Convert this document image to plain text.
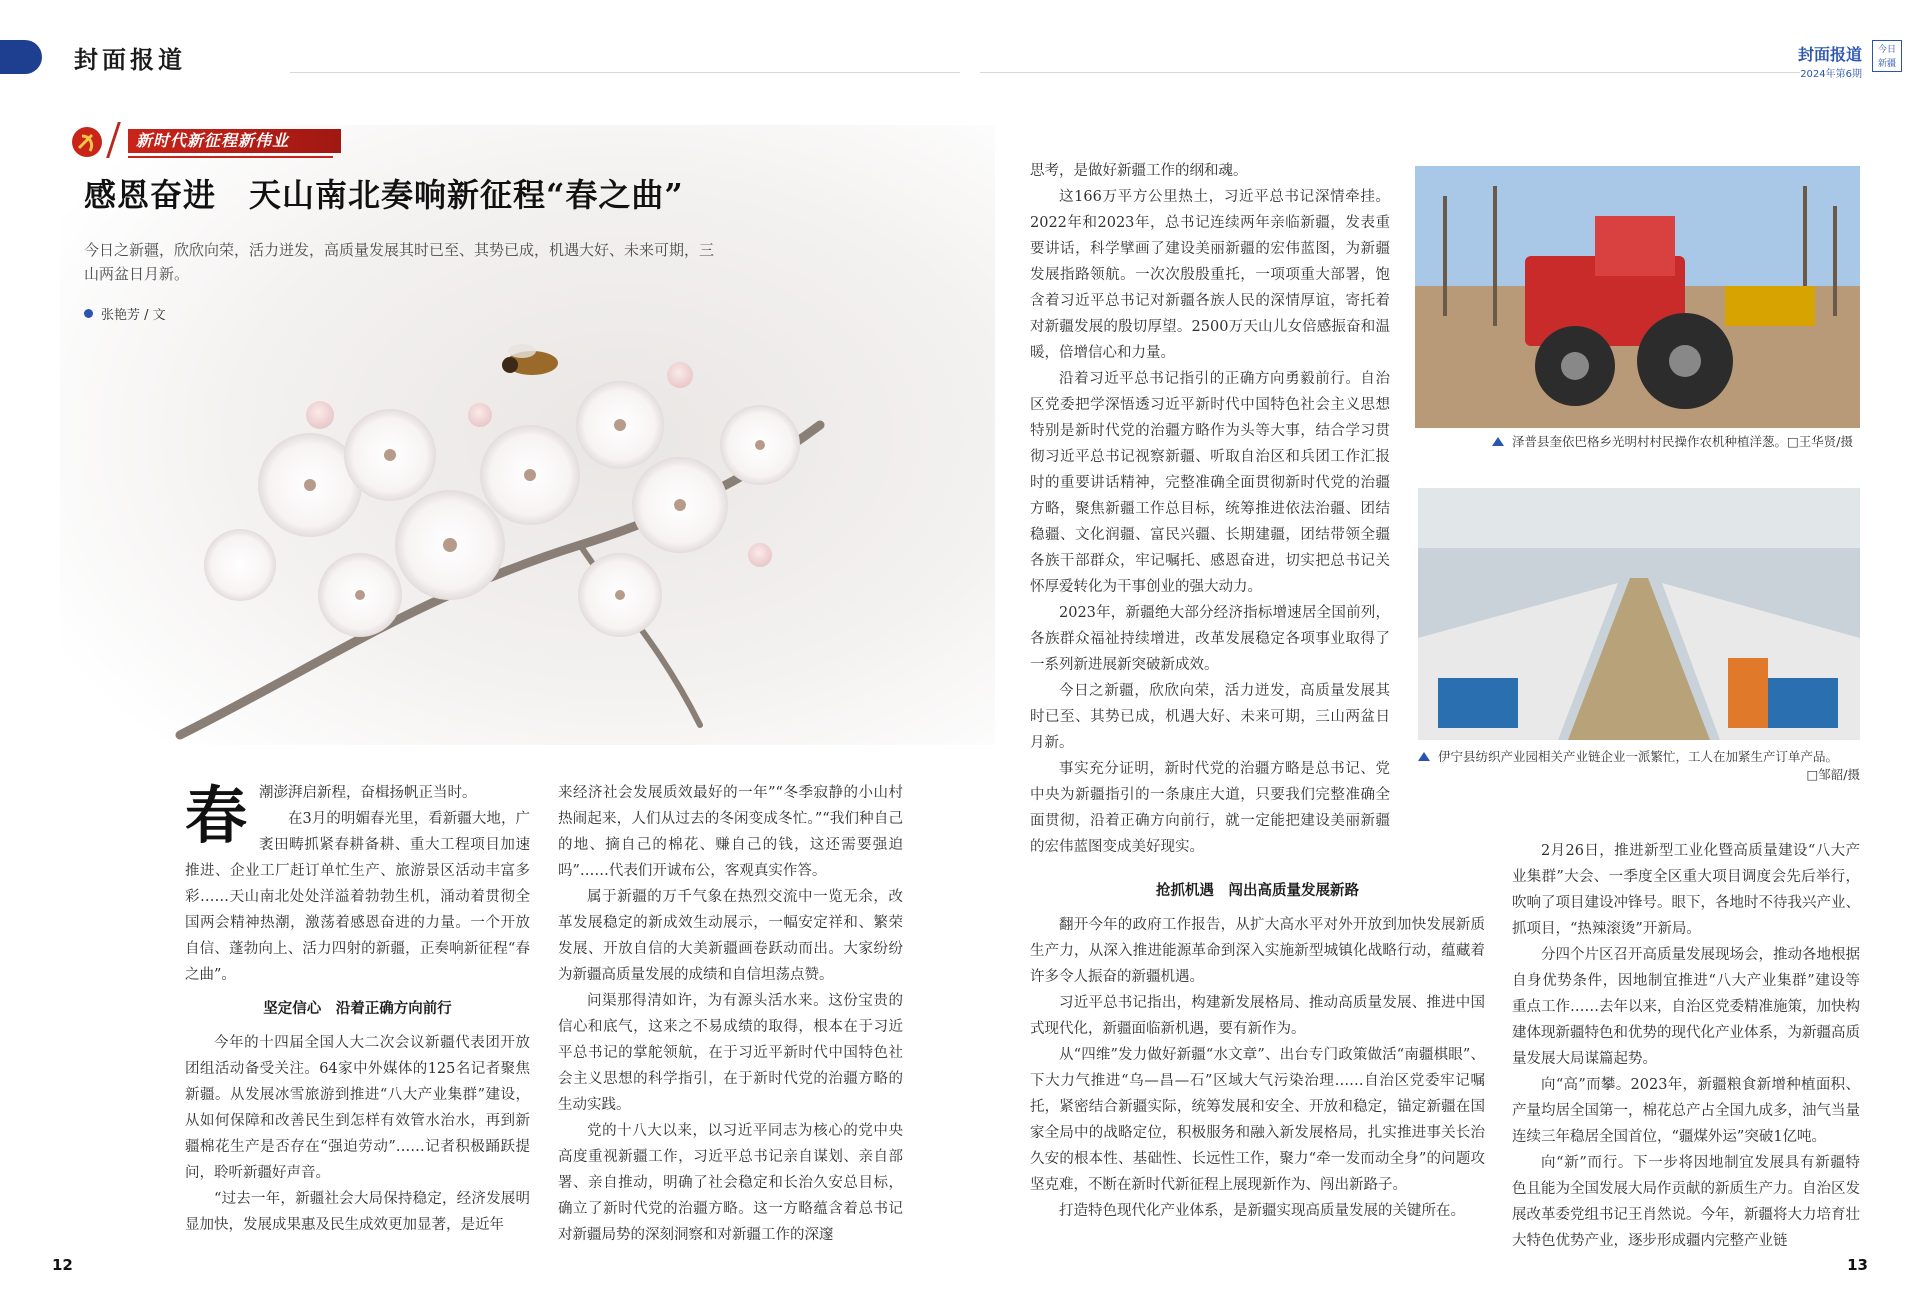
封面报道	封面报道
2024年第6期
今日
新疆
新时代新征程新伟业
感恩奋进　天山南北奏响新征程“春之曲”
今日之新疆，欣欣向荣，活力迸发，高质量发展其时已至、其势已成，机遇大好、未来可期，三山两盆日月新。
张艳芳 / 文
春 潮澎湃启新程，奋楫扬帆正当时。

在3月的明媚春光里，看新疆大地，广袤田畴抓紧春耕备耕、重大工程项目加速推进、企业工厂赶订单忙生产、旅游景区活动丰富多彩……天山南北处处洋溢着勃勃生机，涌动着贯彻全国两会精神热潮，激荡着感恩奋进的力量。一个开放自信、蓬勃向上、活力四射的新疆，正奏响新征程“春之曲”。

坚定信心　沿着正确方向前行

今年的十四届全国人大二次会议新疆代表团开放团组活动备受关注。64家中外媒体的125名记者聚焦新疆。从发展冰雪旅游到推进“八大产业集群”建设，从如何保障和改善民生到怎样有效管水治水，再到新疆棉花生产是否存在“强迫劳动”……记者积极踊跃提问，聆听新疆好声音。

“过去一年，新疆社会大局保持稳定，经济发展明显加快，发展成果惠及民生成效更加显著，是近年

来经济社会发展质效最好的一年”“冬季寂静的小山村热闹起来，人们从过去的冬闲变成冬忙。”“我们种自己的地、摘自己的棉花、赚自己的钱，这还需要强迫吗”……代表们开诚布公，客观真实作答。

属于新疆的万千气象在热烈交流中一览无余，改革发展稳定的新成效生动展示，一幅安定祥和、繁荣发展、开放自信的大美新疆画卷跃动而出。大家纷纷为新疆高质量发展的成绩和自信坦荡点赞。

问渠那得清如许，为有源头活水来。这份宝贵的信心和底气，这来之不易成绩的取得，根本在于习近平总书记的掌舵领航，在于习近平新时代中国特色社会主义思想的科学指引，在于新时代党的治疆方略的生动实践。

党的十八大以来，以习近平同志为核心的党中央高度重视新疆工作，习近平总书记亲自谋划、亲自部署、亲自推动，明确了社会稳定和长治久安总目标，确立了新时代党的治疆方略。这一方略蕴含着总书记对新疆局势的深刻洞察和对新疆工作的深邃

思考，是做好新疆工作的纲和魂。

这166万平方公里热土，习近平总书记深情牵挂。2022年和2023年，总书记连续两年亲临新疆，发表重要讲话，科学擘画了建设美丽新疆的宏伟蓝图，为新疆发展指路领航。一次次殷殷重托，一项项重大部署，饱含着习近平总书记对新疆各族人民的深情厚谊，寄托着对新疆发展的殷切厚望。2500万天山儿女倍感振奋和温暖，倍增信心和力量。

沿着习近平总书记指引的正确方向勇毅前行。自治区党委把学深悟透习近平新时代中国特色社会主义思想特别是新时代党的治疆方略作为头等大事，结合学习贯彻习近平总书记视察新疆、听取自治区和兵团工作汇报时的重要讲话精神，完整准确全面贯彻新时代党的治疆方略，聚焦新疆工作总目标，统筹推进依法治疆、团结稳疆、文化润疆、富民兴疆、长期建疆，团结带领全疆各族干部群众，牢记嘱托、感恩奋进，切实把总书记关怀厚爱转化为干事创业的强大动力。

2023年，新疆绝大部分经济指标增速居全国前列，各族群众福祉持续增进，改革发展稳定各项事业取得了一系列新进展新突破新成效。

今日之新疆，欣欣向荣，活力迸发，高质量发展其时已至、其势已成，机遇大好、未来可期，三山两盆日月新。

事实充分证明，新时代党的治疆方略是总书记、党中央为新疆指引的一条康庄大道，只要我们完整准确全面贯彻，沿着正确方向前行，就一定能把建设美丽新疆的宏伟蓝图变成美好现实。

泽普县奎依巴格乡光明村村民操作农机种植洋葱。□王华贤/摄
伊宁县纺织产业园相关产业链企业一派繁忙，工人在加紧生产订单产品。
□邹韶/摄

抢抓机遇　闯出高质量发展新路

翻开今年的政府工作报告，从扩大高水平对外开放到加快发展新质生产力，从深入推进能源革命到深入实施新型城镇化战略行动，蕴藏着许多令人振奋的新疆机遇。

习近平总书记指出，构建新发展格局、推动高质量发展、推进中国式现代化，新疆面临新机遇，要有新作为。

从“四维”发力做好新疆“水文章”、出台专门政策做活“南疆棋眼”、下大力气推进“乌—昌—石”区域大气污染治理……自治区党委牢记嘱托，紧密结合新疆实际，统筹发展和安全、开放和稳定，锚定新疆在国家全局中的战略定位，积极服务和融入新发展格局，扎实推进事关长治久安的根本性、基础性、长远性工作，聚力“牵一发而动全身”的问题攻坚克难，不断在新时代新征程上展现新作为、闯出新路子。

打造特色现代化产业体系，是新疆实现高质量发展的关键所在。

2月26日，推进新型工业化暨高质量建设“八大产业集群”大会、一季度全区重大项目调度会先后举行，吹响了项目建设冲锋号。眼下，各地时不待我兴产业、抓项目，“热辣滚烫”开新局。

分四个片区召开高质量发展现场会，推动各地根据自身优势条件，因地制宜推进“八大产业集群”建设等重点工作……去年以来，自治区党委精准施策，加快构建体现新疆特色和优势的现代化产业体系，为新疆高质量发展大局谋篇起势。

向“高”而攀。2023年，新疆粮食新增种植面积、产量均居全国第一，棉花总产占全国九成多，油气当量连续三年稳居全国首位，“疆煤外运”突破1亿吨。

向“新”而行。下一步将因地制宜发展具有新疆特色且能为全国发展大局作贡献的新质生产力。自治区发展改革委党组书记王肖然说。今年，新疆将大力培育壮大特色优势产业，逐步形成疆内完整产业链

12	13
